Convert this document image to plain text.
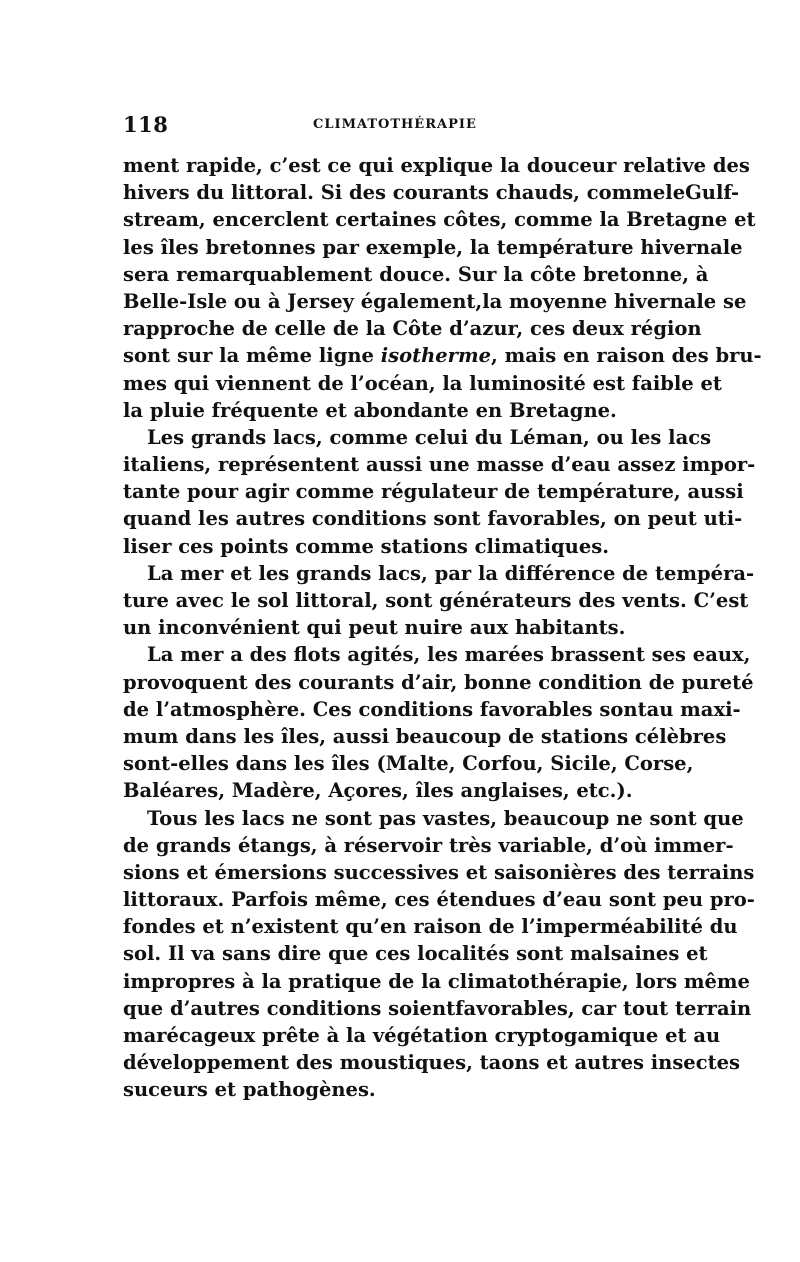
118	CLIMATOTHÉRAPIE
ment rapide, c’est ce qui explique la douceur relative des
hivers du littoral. Si des courants chauds, commeleGulf-
stream, encerclent certaines côtes, comme la Bretagne et
les îles bretonnes par exemple, la température hivernale
sera remarquablement douce. Sur la côte bretonne, à
Belle-Isle ou à Jersey également,la moyenne hivernale se
rapproche de celle de la Côte d’azur, ces deux région
sont sur la même ligne isotherme, mais en raison des bru-
mes qui viennent de l’océan, la luminosité est faible et
la pluie fréquente et abondante en Bretagne.
Les grands lacs, comme celui du Léman, ou les lacs
italiens, représentent aussi une masse d’eau assez impor-
tante pour agir comme régulateur de température, aussi
quand les autres conditions sont favorables, on peut uti-
liser ces points comme stations climatiques.
La mer et les grands lacs, par la différence de tempéra-
ture avec le sol littoral, sont générateurs des vents. C’est
un inconvénient qui peut nuire aux habitants.
La mer a des flots agités, les marées brassent ses eaux,
provoquent des courants d’air, bonne condition de pureté
de l’atmosphère. Ces conditions favorables sontau maxi-
mum dans les îles, aussi beaucoup de stations célèbres
sont-elles dans les îles (Malte, Corfou, Sicile, Corse,
Baléares, Madère, Açores, îles anglaises, etc.).
Tous les lacs ne sont pas vastes, beaucoup ne sont que
de grands étangs, à réservoir très variable, d’où immer-
sions et émersions successives et saisonières des terrains
littoraux. Parfois même, ces étendues d’eau sont peu pro-
fondes et n’existent qu’en raison de l’imperméabilité du
sol. Il va sans dire que ces localités sont malsaines et
impropres à la pratique de la climatothérapie, lors même
que d’autres conditions soientfavorables, car tout terrain
marécageux prête à la végétation cryptogamique et au
développement des moustiques, taons et autres insectes
suceurs et pathogènes.
